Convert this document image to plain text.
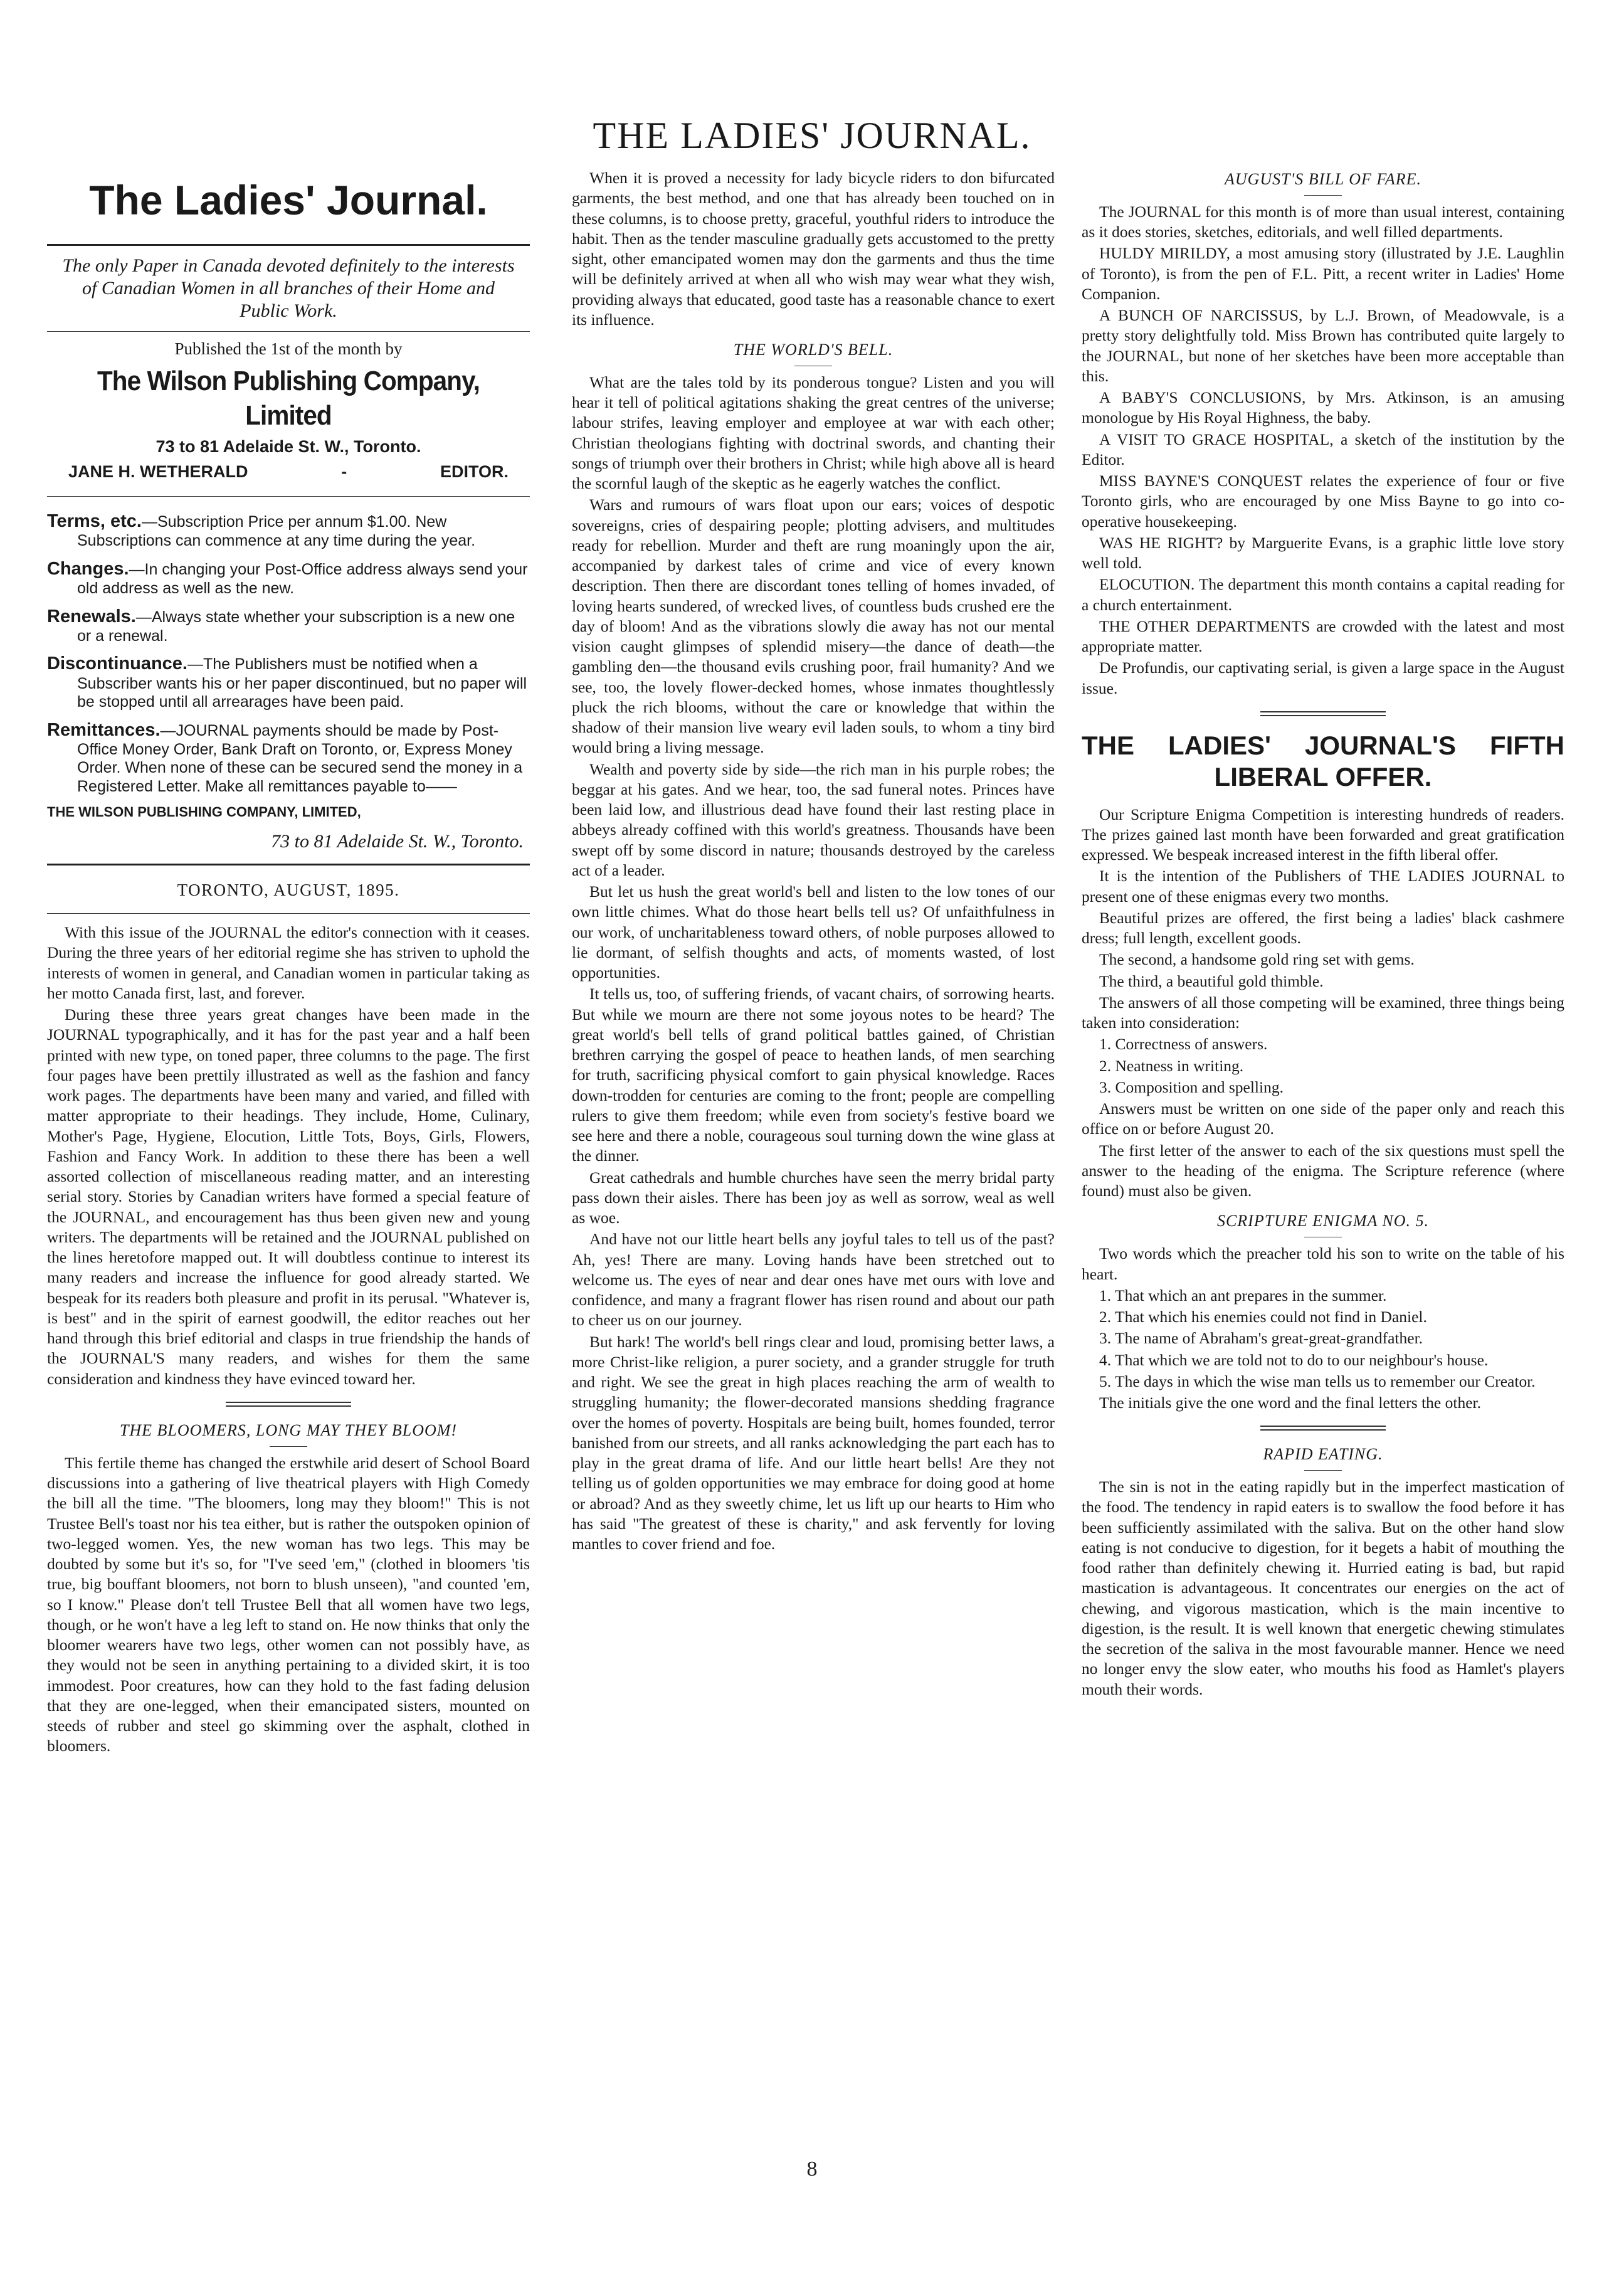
THE LADIES' JOURNAL.
The Ladies' Journal.
The only Paper in Canada devoted definitely to the interests of Canadian Women in all branches of their Home and Public Work.
Published the 1st of the month by
The Wilson Publishing Company, Limited
73 to 81 Adelaide St. W., Toronto.
JANE H. WETHERALD	-	EDITOR.
Terms, etc.—Subscription Price per annum $1.00. New Subscriptions can commence at any time during the year.
Changes.—In changing your Post-Office address always send your old address as well as the new.
Renewals.—Always state whether your subscription is a new one or a renewal.
Discontinuance.—The Publishers must be notified when a Subscriber wants his or her paper discontinued, but no paper will be stopped until all arrearages have been paid.
Remittances.—JOURNAL payments should be made by Post-Office Money Order, Bank Draft on Toronto, or, Express Money Order. When none of these can be secured send the money in a Registered Letter. Make all remittances payable to——
THE WILSON PUBLISHING COMPANY, LIMITED,
73 to 81 Adelaide St. W., Toronto.
TORONTO, AUGUST, 1895.

With this issue of the JOURNAL the editor's connection with it ceases. During the three years of her editorial regime she has striven to uphold the interests of women in general, and Canadian women in particular taking as her motto Canada first, last, and forever.

During these three years great changes have been made in the JOURNAL typographically, and it has for the past year and a half been printed with new type, on toned paper, three columns to the page. The first four pages have been prettily illustrated as well as the fashion and fancy work pages. The departments have been many and varied, and filled with matter appropriate to their headings. They include, Home, Culinary, Mother's Page, Hygiene, Elocution, Little Tots, Boys, Girls, Flowers, Fashion and Fancy Work. In addition to these there has been a well assorted collection of miscellaneous reading matter, and an interesting serial story. Stories by Canadian writers have formed a special feature of the JOURNAL, and encouragement has thus been given new and young writers. The departments will be retained and the JOURNAL published on the lines heretofore mapped out. It will doubtless continue to interest its many readers and increase the influence for good already started. We bespeak for its readers both pleasure and profit in its perusal. "Whatever is, is best" and in the spirit of earnest goodwill, the editor reaches out her hand through this brief editorial and clasps in true friendship the hands of the JOURNAL'S many readers, and wishes for them the same consideration and kindness they have evinced toward her.

THE BLOOMERS, LONG MAY THEY BLOOM!

This fertile theme has changed the erstwhile arid desert of School Board discussions into a gathering of live theatrical players with High Comedy the bill all the time. "The bloomers, long may they bloom!" This is not Trustee Bell's toast nor his tea either, but is rather the outspoken opinion of two-legged women. Yes, the new woman has two legs. This may be doubted by some but it's so, for "I've seed 'em," (clothed in bloomers 'tis true, big bouffant bloomers, not born to blush unseen), "and counted 'em, so I know." Please don't tell Trustee Bell that all women have two legs, though, or he won't have a leg left to stand on. He now thinks that only the bloomer wearers have two legs, other women can not possibly have, as they would not be seen in anything pertaining to a divided skirt, it is too immodest. Poor creatures, how can they hold to the fast fading delusion that they are one-legged, when their emancipated sisters, mounted on steeds of rubber and steel go skimming over the asphalt, clothed in bloomers.

When it is proved a necessity for lady bicycle riders to don bifurcated garments, the best method, and one that has already been touched on in these columns, is to choose pretty, graceful, youthful riders to introduce the habit. Then as the tender masculine gradually gets accustomed to the pretty sight, other emancipated women may don the garments and thus the time will be definitely arrived at when all who wish may wear what they wish, providing always that educated, good taste has a reasonable chance to exert its influence.

THE WORLD'S BELL.

What are the tales told by its ponderous tongue? Listen and you will hear it tell of political agitations shaking the great centres of the universe; labour strifes, leaving employer and employee at war with each other; Christian theologians fighting with doctrinal swords, and chanting their songs of triumph over their brothers in Christ; while high above all is heard the scornful laugh of the skeptic as he eagerly watches the conflict.

Wars and rumours of wars float upon our ears; voices of despotic sovereigns, cries of despairing people; plotting advisers, and multitudes ready for rebellion. Murder and theft are rung moaningly upon the air, accompanied by darkest tales of crime and vice of every known description. Then there are discordant tones telling of homes invaded, of loving hearts sundered, of wrecked lives, of countless buds crushed ere the day of bloom! And as the vibrations slowly die away has not our mental vision caught glimpses of splendid misery—the dance of death—the gambling den—the thousand evils crushing poor, frail humanity? And we see, too, the lovely flower-decked homes, whose inmates thoughtlessly pluck the rich blooms, without the care or knowledge that within the shadow of their mansion live weary evil laden souls, to whom a tiny bird would bring a living message.

Wealth and poverty side by side—the rich man in his purple robes; the beggar at his gates. And we hear, too, the sad funeral notes. Princes have been laid low, and illustrious dead have found their last resting place in abbeys already coffined with this world's greatness. Thousands have been swept off by some discord in nature; thousands destroyed by the careless act of a leader.

But let us hush the great world's bell and listen to the low tones of our own little chimes. What do those heart bells tell us? Of unfaithfulness in our work, of uncharitableness toward others, of noble purposes allowed to lie dormant, of selfish thoughts and acts, of moments wasted, of lost opportunities.

It tells us, too, of suffering friends, of vacant chairs, of sorrowing hearts. But while we mourn are there not some joyous notes to be heard? The great world's bell tells of grand political battles gained, of Christian brethren carrying the gospel of peace to heathen lands, of men searching for truth, sacrificing physical comfort to gain physical knowledge. Races down-trodden for centuries are coming to the front; people are compelling rulers to give them freedom; while even from society's festive board we see here and there a noble, courageous soul turning down the wine glass at the dinner.

Great cathedrals and humble churches have seen the merry bridal party pass down their aisles. There has been joy as well as sorrow, weal as well as woe.

And have not our little heart bells any joyful tales to tell us of the past? Ah, yes! There are many. Loving hands have been stretched out to welcome us. The eyes of near and dear ones have met ours with love and confidence, and many a fragrant flower has risen round and about our path to cheer us on our journey.

But hark! The world's bell rings clear and loud, promising better laws, a more Christ-like religion, a purer society, and a grander struggle for truth and right. We see the great in high places reaching the arm of wealth to struggling humanity; the flower-decorated mansions shedding fragrance over the homes of poverty. Hospitals are being built, homes founded, terror banished from our streets, and all ranks acknowledging the part each has to play in the great drama of life. And our little heart bells! Are they not telling us of golden opportunities we may embrace for doing good at home or abroad? And as they sweetly chime, let us lift up our hearts to Him who has said "The greatest of these is charity," and ask fervently for loving mantles to cover friend and foe.

AUGUST'S BILL OF FARE.

The JOURNAL for this month is of more than usual interest, containing as it does stories, sketches, editorials, and well filled departments.

HULDY MIRILDY, a most amusing story (illustrated by J.E. Laughlin of Toronto), is from the pen of F.L. Pitt, a recent writer in Ladies' Home Companion.

A BUNCH OF NARCISSUS, by L.J. Brown, of Meadowvale, is a pretty story delightfully told. Miss Brown has contributed quite largely to the JOURNAL, but none of her sketches have been more acceptable than this.

A BABY'S CONCLUSIONS, by Mrs. Atkinson, is an amusing monologue by His Royal Highness, the baby.

A VISIT TO GRACE HOSPITAL, a sketch of the institution by the Editor.

MISS BAYNE'S CONQUEST relates the experience of four or five Toronto girls, who are encouraged by one Miss Bayne to go into co-operative housekeeping.

WAS HE RIGHT? by Marguerite Evans, is a graphic little love story well told.

ELOCUTION. The department this month contains a capital reading for a church entertainment.

THE OTHER DEPARTMENTS are crowded with the latest and most appropriate matter.

De Profundis, our captivating serial, is given a large space in the August issue.

THE LADIES' JOURNAL'S FIFTH
LIBERAL OFFER.

Our Scripture Enigma Competition is interesting hundreds of readers. The prizes gained last month have been forwarded and great gratification expressed. We bespeak increased interest in the fifth liberal offer.

It is the intention of the Publishers of THE LADIES JOURNAL to present one of these enigmas every two months.

Beautiful prizes are offered, the first being a ladies' black cashmere dress; full length, excellent goods.

The second, a handsome gold ring set with gems.

The third, a beautiful gold thimble.

The answers of all those competing will be examined, three things being taken into consideration:

1. Correctness of answers.

2. Neatness in writing.

3. Composition and spelling.

Answers must be written on one side of the paper only and reach this office on or before August 20.

The first letter of the answer to each of the six questions must spell the answer to the heading of the enigma. The Scripture reference (where found) must also be given.

SCRIPTURE ENIGMA NO. 5.

Two words which the preacher told his son to write on the table of his heart.

1. That which an ant prepares in the summer.

2. That which his enemies could not find in Daniel.

3. The name of Abraham's great-great-grandfather.

4. That which we are told not to do to our neighbour's house.

5. The days in which the wise man tells us to remember our Creator.

The initials give the one word and the final letters the other.

RAPID EATING.

The sin is not in the eating rapidly but in the imperfect mastication of the food. The tendency in rapid eaters is to swallow the food before it has been sufficiently assimilated with the saliva. But on the other hand slow eating is not conducive to digestion, for it begets a habit of mouthing the food rather than definitely chewing it. Hurried eating is bad, but rapid mastication is advantageous. It concentrates our energies on the act of chewing, and vigorous mastication, which is the main incentive to digestion, is the result. It is well known that energetic chewing stimulates the secretion of the saliva in the most favourable manner. Hence we need no longer envy the slow eater, who mouths his food as Hamlet's players mouth their words.

8
